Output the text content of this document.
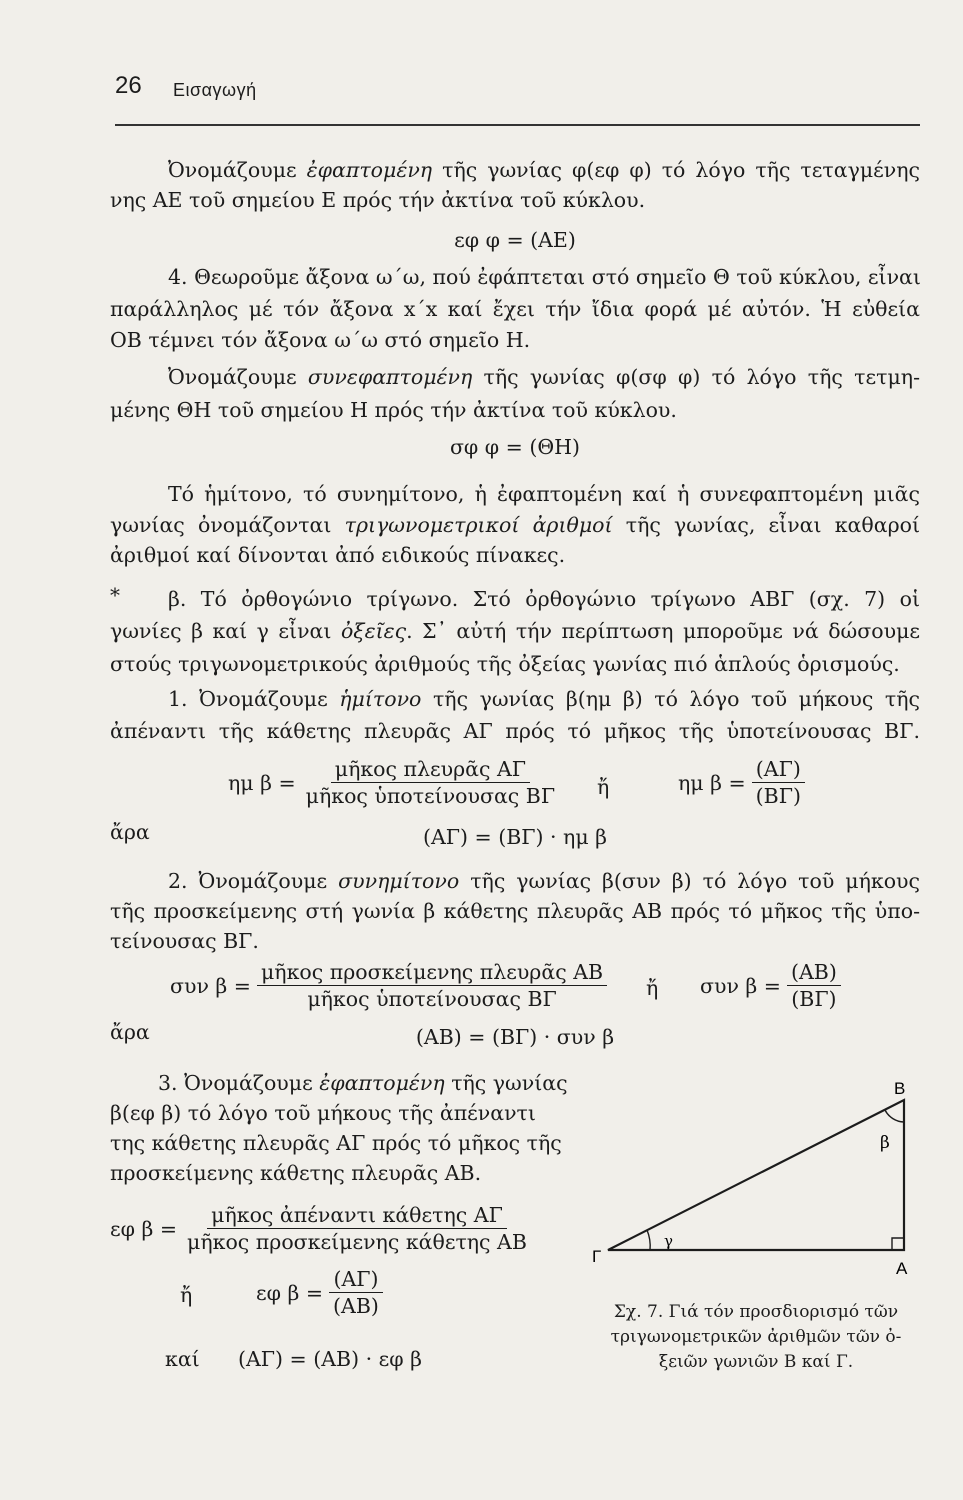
26 Εισαγωγή
Ὀνομάζουμε ἐφαπτομένη τῆς γωνίας φ(εφ φ) τό λόγο τῆς τεταγμένης
νης ΑΕ τοῦ σημείου Ε πρός τήν ἀκτίνα τοῦ κύκλου.
εφ φ = (ΑΕ)
4. Θεωροῦμε ἄξονα ω΄ω, πού ἐφάπτεται στό σημεῖο Θ τοῦ κύκλου, εἶναι
παράλληλος μέ τόν ἄξονα x΄x καί ἔχει τήν ἴδια φορά μέ αὐτόν. Ἡ εὐθεία
ΟΒ τέμνει τόν ἄξονα ω΄ω στό σημεῖο Η.
Ὀνομάζουμε συνεφαπτομένη τῆς γωνίας φ(σφ φ) τό λόγο τῆς τετμη-
μένης ΘΗ τοῦ σημείου Η πρός τήν ἀκτίνα τοῦ κύκλου.
σφ φ = (ΘΗ)
Τό ἡμίτονο, τό συνημίτονο, ἡ ἐφαπτομένη καί ἡ συνεφαπτομένη μιᾶς
γωνίας ὀνομάζονται τριγωνομετρικοί ἀριθμοί τῆς γωνίας, εἶναι καθαροί
ἀριθμοί καί δίνονται ἀπό ειδικούς πίνακες.
*	β. Τό ὀρθογώνιο τρίγωνο. Στό ὀρθογώνιο τρίγωνο ΑΒΓ (σχ. 7) οἱ
γωνίες β καί γ εἶναι ὀξεῖες. Σ᾽ αὐτή τήν περίπτωση μποροῦμε νά δώσουμε
στούς τριγωνομετρικούς ἀριθμούς τῆς ὀξείας γωνίας πιό ἁπλούς ὁρισμούς.
1. Ὀνομάζουμε ἡμίτονο τῆς γωνίας β(ημ β) τό λόγο τοῦ μήκους τῆς
ἀπέναντι τῆς κάθετης πλευρᾶς ΑΓ πρός τό μῆκος τῆς ὑποτείνουσας ΒΓ.
ημ $\beta = \frac{\text{μῆκος πλευρᾶς ΑΓ}}{\text{μῆκος ὑποτείνουσας ΒΓ}}$ ἤ	ημ $\beta = \frac{(A\Gamma)}{(B\Gamma)}$
ἄρα	(ΑΓ) = (ΒΓ) · ημ β
2. Ὀνομάζουμε συνημίτονο τῆς γωνίας β(συν β) τό λόγο τοῦ μήκους
τῆς προσκείμενης στή γωνία β κάθετης πλευρᾶς ΑΒ πρός τό μῆκος τῆς ὑπο-
τείνουσας ΒΓ.
συν $\beta = \frac{\text{μῆκος προσκείμενης πλευρᾶς ΑΒ}}{\text{μῆκος ὑποτείνουσας ΒΓ}}$ ἤ συν $\beta = \frac{(AB)}{(B\Gamma)}$
ἄρα	(ΑΒ) = (ΒΓ) · συν β
3. Ὀνομάζουμε ἐφαπτομένη τῆς γωνίας
β(εφ β) τό λόγο τοῦ μήκους τῆς ἀπέναντι
της κάθετης πλευρᾶς ΑΓ πρός τό μῆκος τῆς
προσκείμενης κάθετης πλευρᾶς ΑΒ.
εφ $\beta = \frac{\text{μῆκος ἀπέναντι κάθετης ΑΓ}}{\text{μῆκος προσκείμενης κάθετης ΑΒ}}$
ἤ	εφ $\beta = \frac{(A\Gamma)}{(AB)}$
καί (ΑΓ) = (ΑΒ) · εφ β
B
A
Γ
β
γ
Σχ. 7. Γιά τόν προσδιορισμό τῶν
τριγωνομετρικῶν ἀριθμῶν τῶν ὀ-
ξειῶν γωνιῶν Β καί Γ.
